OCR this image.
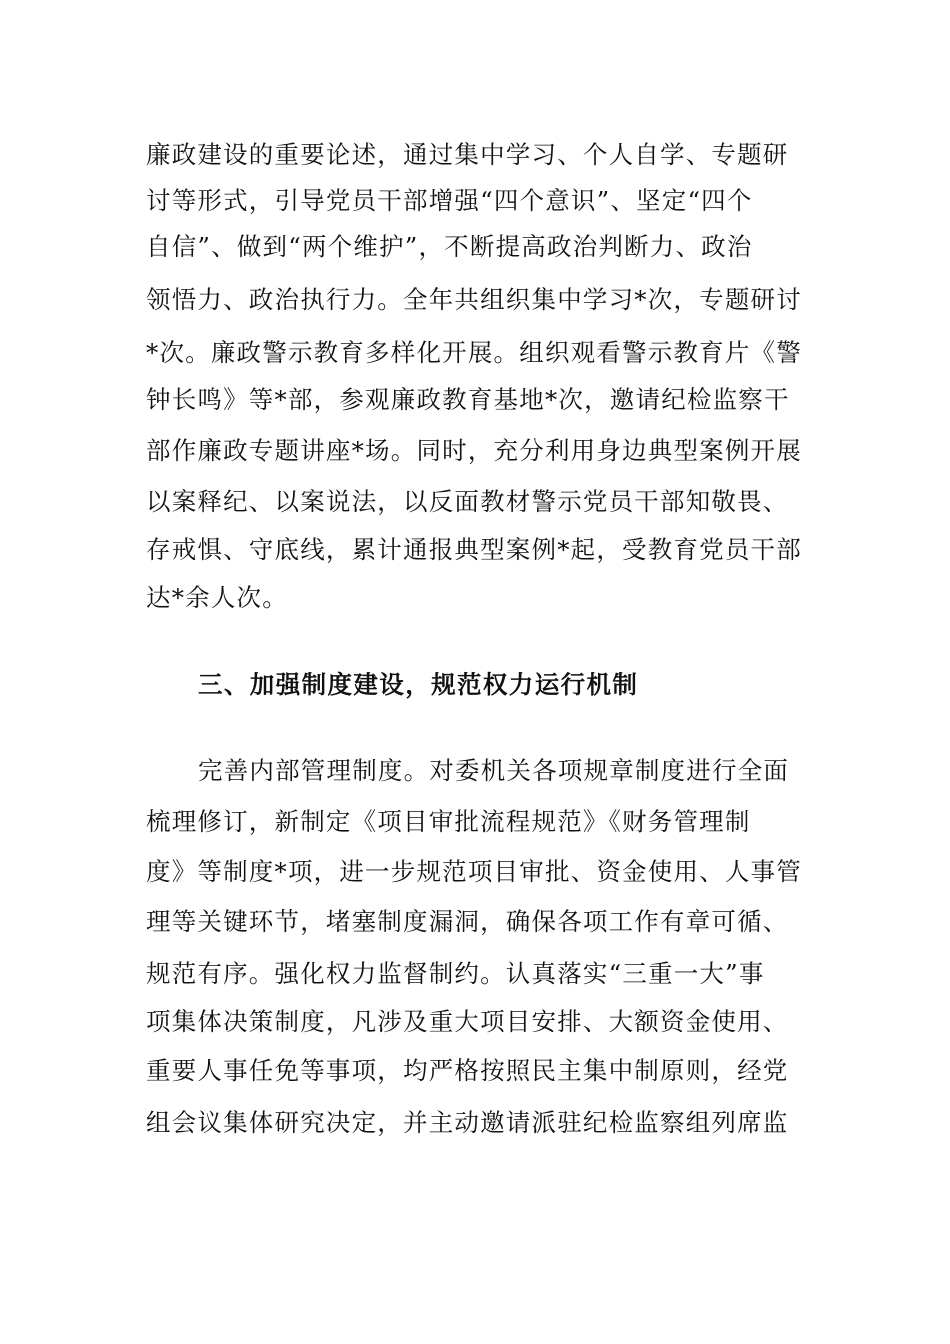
廉政建设的重要论述，通过集中学习、个人自学、专题研
讨等形式，引导党员干部增强“四个意识”、坚定“四个
自信”、做到“两个维护”，不断提高政治判断力、政治
领悟力、政治执行力。全年共组织集中学习*次，专题研讨
*次。廉政警示教育多样化开展。组织观看警示教育片《警
钟长鸣》等*部，参观廉政教育基地*次，邀请纪检监察干
部作廉政专题讲座*场。同时，充分利用身边典型案例开展
以案释纪、以案说法，以反面教材警示党员干部知敬畏、
存戒惧、守底线，累计通报典型案例*起，受教育党员干部
达*余人次。
三、加强制度建设，规范权力运行机制
完善内部管理制度。对委机关各项规章制度进行全面
梳理修订，新制定《项目审批流程规范》《财务管理制
度》等制度*项，进一步规范项目审批、资金使用、人事管
理等关键环节，堵塞制度漏洞，确保各项工作有章可循、
规范有序。强化权力监督制约。认真落实“三重一大”事
项集体决策制度，凡涉及重大项目安排、大额资金使用、
重要人事任免等事项，均严格按照民主集中制原则，经党
组会议集体研究决定，并主动邀请派驻纪检监察组列席监
